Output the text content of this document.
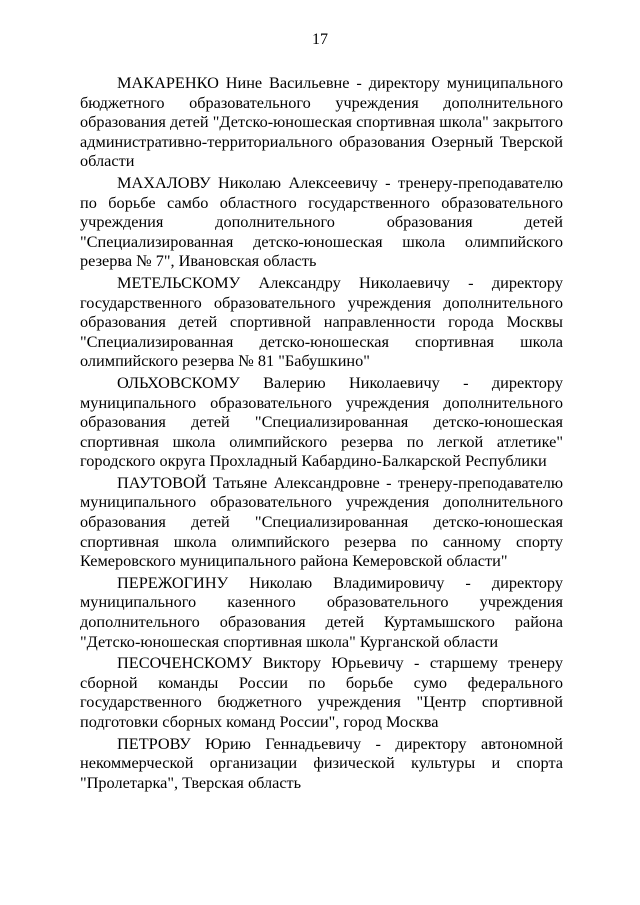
17

МАКАРЕНКО Нине Васильевне - директору муниципального бюджетного образовательного учреждения дополнительного образования детей "Детско-юношеская спортивная школа" закрытого административно-территориального образования Озерный Тверской области

МАХАЛОВУ Николаю Алексеевичу - тренеру-преподавателю по борьбе самбо областного государственного образовательного учреждения дополнительного образования детей "Специализированная детско-юношеская школа олимпийского резерва № 7", Ивановская область

МЕТЕЛЬСКОМУ Александру Николаевичу - директору государственного образовательного учреждения дополнительного образования детей спортивной направленности города Москвы "Специализированная детско-юношеская спортивная школа олимпийского резерва № 81 "Бабушкино"

ОЛЬХОВСКОМУ Валерию Николаевичу - директору муниципального образовательного учреждения дополнительного образования детей "Специализированная детско-юношеская спортивная школа олимпийского резерва по легкой атлетике" городского округа Прохладный Кабардино-Балкарской Республики

ПАУТОВОЙ Татьяне Александровне - тренеру-преподавателю муниципального образовательного учреждения дополнительного образования детей "Специализированная детско-юношеская спортивная школа олимпийского резерва по санному спорту Кемеровского муниципального района Кемеровской области"

ПЕРЕЖОГИНУ Николаю Владимировичу - директору муниципального казенного образовательного учреждения дополнительного образования детей Куртамышского района "Детско-юношеская спортивная школа" Курганской области

ПЕСОЧЕНСКОМУ Виктору Юрьевичу - старшему тренеру сборной команды России по борьбе сумо федерального государственного бюджетного учреждения "Центр спортивной подготовки сборных команд России", город Москва

ПЕТРОВУ Юрию Геннадьевичу - директору автономной некоммерческой организации физической культуры и спорта "Пролетарка", Тверская область
